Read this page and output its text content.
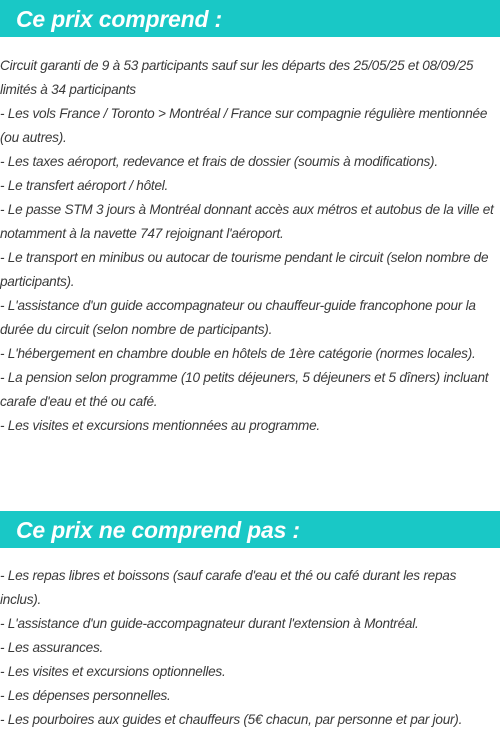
Ce prix comprend :

Circuit garanti de 9 à 53 participants sauf sur les départs des 25/05/25 et 08/09/25 limités à 34 participants

- Les vols France / Toronto > Montréal / France sur compagnie régulière mentionnée (ou autres).

- Les taxes aéroport, redevance et frais de dossier (soumis à modifications).

- Le transfert aéroport / hôtel.

- Le passe STM 3 jours à Montréal donnant accès aux métros et autobus de la ville et notamment à la navette 747 rejoignant l'aéroport.

- Le transport en minibus ou autocar de tourisme pendant le circuit (selon nombre de participants).

- L'assistance d'un guide accompagnateur ou chauffeur-guide francophone pour la durée du circuit (selon nombre de participants).

- L'hébergement en chambre double en hôtels de 1ère catégorie (normes locales).

- La pension selon programme (10 petits déjeuners, 5 déjeuners et 5 dîners) incluant carafe d'eau et thé ou café.

- Les visites et excursions mentionnées au programme.

Ce prix ne comprend pas :

- Les repas libres et boissons (sauf carafe d'eau et thé ou café durant les repas inclus).

- L'assistance d'un guide-accompagnateur durant l'extension à Montréal.

- Les assurances.

- Les visites et excursions optionnelles.

- Les dépenses personnelles.

- Les pourboires aux guides et chauffeurs (5€ chacun, par personne et par jour).
